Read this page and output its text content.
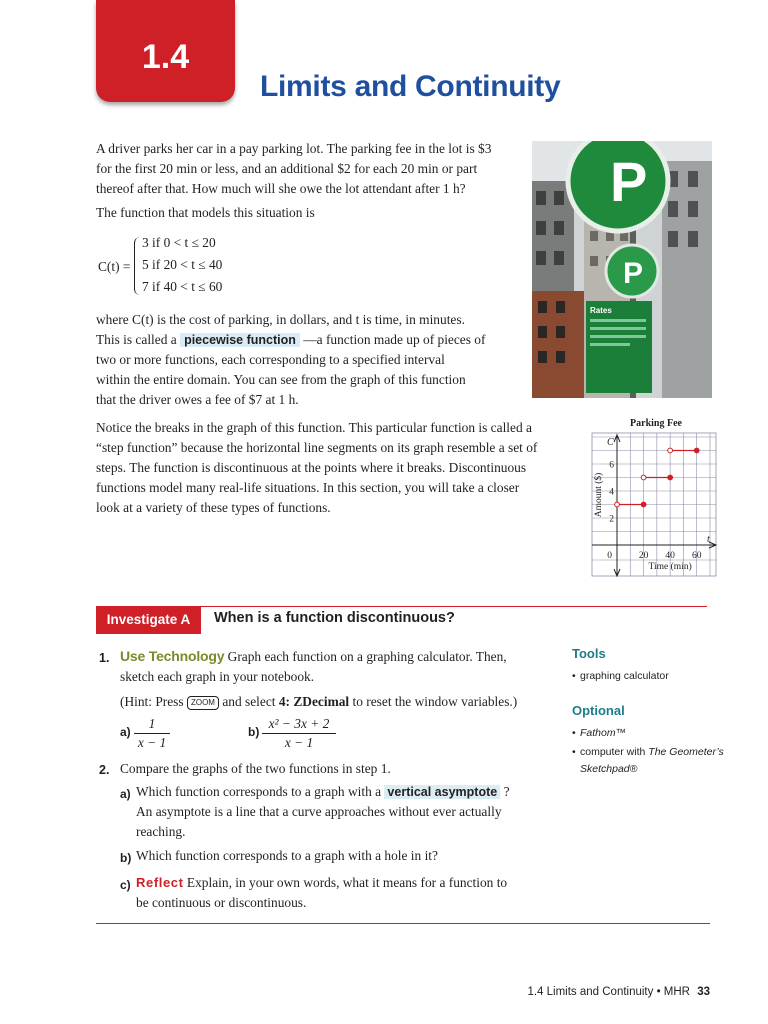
1.4
Limits and Continuity
A driver parks her car in a pay parking lot. The parking fee in the lot is $3
for the first 20 min or less, and an additional $2 for each 20 min or part
thereof after that. How much will she owe the lot attendant after 1 h?
The function that models this situation is
C(t) =
3 if 0 < t ≤ 20
5 if 20 < t ≤ 40
7 if 40 < t ≤ 60
where C(t) is the cost of parking, in dollars, and t is time, in minutes.
This is called a piecewise function —a function made up of pieces of
two or more functions, each corresponding to a specified interval
within the entire domain. You can see from the graph of this function
that the driver owes a fee of $7 at 1 h.
P
P
Rates
Notice the breaks in the graph of this function. This particular function is called a
“step function” because the horizontal line segments on its graph resemble a set of
steps. The function is discontinuous at the points where it breaks. Discontinuous
functions model many real-life situations. In this section, you will take a closer
look at a variety of these types of functions.
Parking Fee
20 40 60
2
4
6
0
t
C
Time (min)
Amount ($)
Investigate A	When is a function discontinuous?
1. Use Technology Graph each function on a graphing calculator. Then,
sketch each graph in your notebook.
(Hint: Press ZOOM and select 4: ZDecimal to reset the window variables.)
$a) \frac{1}{x - 1}$	$b) \frac{\text{x² − 3x + 2}}{x - 1}$
2. Compare the graphs of the two functions in step 1.
a) Which function corresponds to a graph with a vertical asymptote ?
An asymptote is a line that a curve approaches without ever actually
reaching.
b) Which function corresponds to a graph with a hole in it?
c) Reflect Explain, in your own words, what it means for a function to
be continuous or discontinuous.
Tools
• graphing calculator
Optional
• Fathom™
• computer with The Geometer’s
Sketchpad®
1.4 Limits and Continuity • MHR 33
